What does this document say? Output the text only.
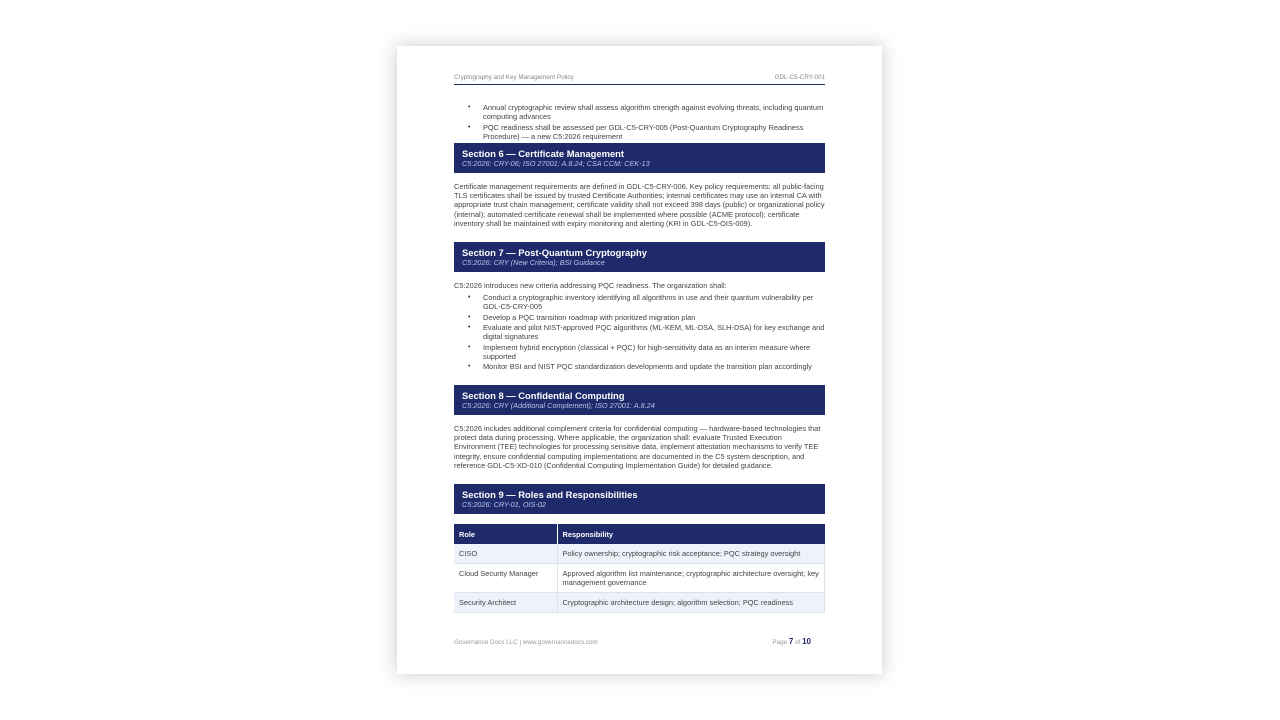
Cryptography and Key Management Policy	GDL-C5-CRY-001
• Annual cryptographic review shall assess algorithm strength against evolving threats, including quantum computing advances
• PQC readiness shall be assessed per GDL-C5-CRY-005 (Post-Quantum Cryptography Readiness Procedure) — a new C5:2026 requirement
Section 6 — Certificate Management
C5:2026: CRY-06; ISO 27001: A.8.24; CSA CCM: CEK-13

Certificate management requirements are defined in GDL-C5-CRY-006. Key policy requirements: all public-facing TLS certificates shall be issued by trusted Certificate Authorities; internal certificates may use an internal CA with appropriate trust chain management; certificate validity shall not exceed 398 days (public) or organizational policy (internal); automated certificate renewal shall be implemented where possible (ACME protocol); certificate inventory shall be maintained with expiry monitoring and alerting (KRI in GDL-C5-OIS-009).

Section 7 — Post-Quantum Cryptography
C5:2026: CRY (New Criteria); BSI Guidance

C5:2026 introduces new criteria addressing PQC readiness. The organization shall:

• Conduct a cryptographic inventory identifying all algorithms in use and their quantum vulnerability per GDL-C5-CRY-005
• Develop a PQC transition roadmap with prioritized migration plan
• Evaluate and pilot NIST-approved PQC algorithms (ML-KEM, ML-DSA, SLH-DSA) for key exchange and digital signatures
• Implement hybrid encryption (classical + PQC) for high-sensitivity data as an interim measure where supported
• Monitor BSI and NIST PQC standardization developments and update the transition plan accordingly
Section 8 — Confidential Computing
C5:2026: CRY (Additional Complement); ISO 27001: A.8.24

C5:2026 includes additional complement criteria for confidential computing — hardware-based technologies that protect data during processing. Where applicable, the organization shall: evaluate Trusted Execution Environment (TEE) technologies for processing sensitive data, implement attestation mechanisms to verify TEE integrity, ensure confidential computing implementations are documented in the C5 system description, and reference GDL-C5-XD-010 (Confidential Computing Implementation Guide) for detailed guidance.

Section 9 — Roles and Responsibilities
C5:2026: CRY-01, OIS-02
Role	Responsibility
CISO	Policy ownership; cryptographic risk acceptance; PQC strategy oversight
Cloud Security Manager	Approved algorithm list maintenance; cryptographic architecture oversight; key management governance
Security Architect	Cryptographic architecture design; algorithm selection; PQC readiness
Governance Docs LLC | www.governancedocs.com	Page 7 of 10
